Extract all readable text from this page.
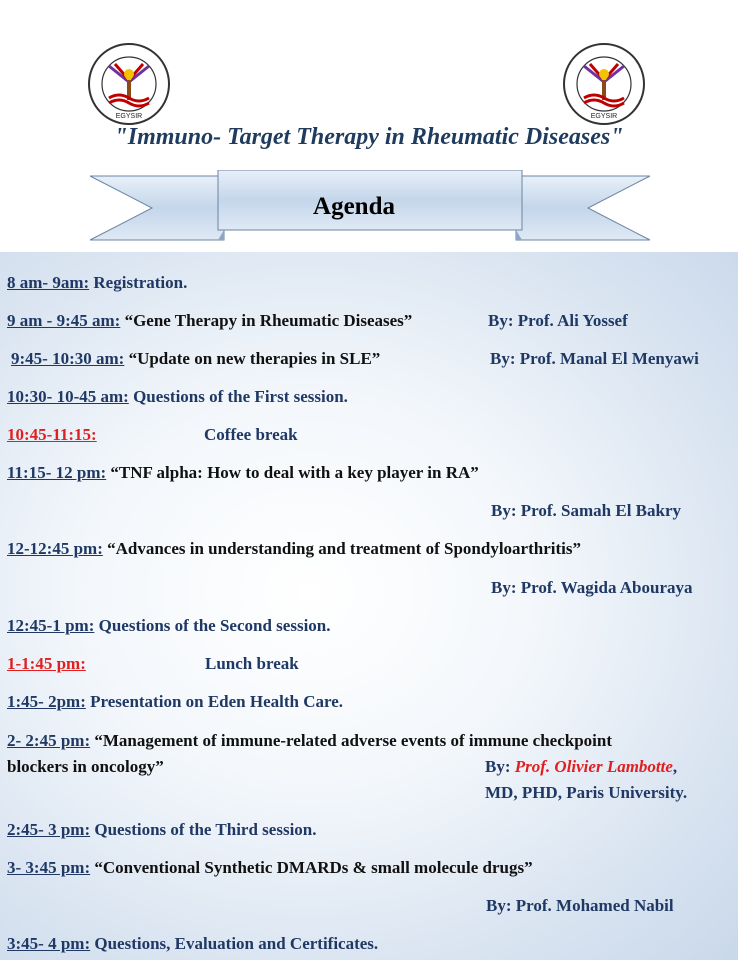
EGYSIR	EGYSIR
"Immuno- Target Therapy in Rheumatic Diseases"
Agenda
8 am- 9am: Registration.
9 am - 9:45 am: “Gene Therapy in Rheumatic Diseases”	By: Prof. Ali Yossef
9:45- 10:30 am: “Update on new therapies in SLE”	By: Prof. Manal El Menyawi
10:30- 10-45 am: Questions of the First session.
10:45-11:15:	Coffee break
11:15- 12 pm: “TNF alpha: How to deal with a key player in RA”
By: Prof. Samah El Bakry
12-12:45 pm: “Advances in understanding and treatment of Spondyloarthritis”
By: Prof. Wagida Abouraya
12:45-1 pm: Questions of the Second session.
1-1:45 pm:	Lunch break
1:45- 2pm: Presentation on Eden Health Care.
2- 2:45 pm: “Management of immune-related adverse events of immune checkpoint
blockers in oncology”	By: Prof. Olivier Lambotte,
MD, PHD, Paris University.
2:45- 3 pm: Questions of the Third session.
3- 3:45 pm: “Conventional Synthetic DMARDs & small molecule drugs”
By: Prof. Mohamed Nabil
3:45- 4 pm: Questions, Evaluation and Certificates.
